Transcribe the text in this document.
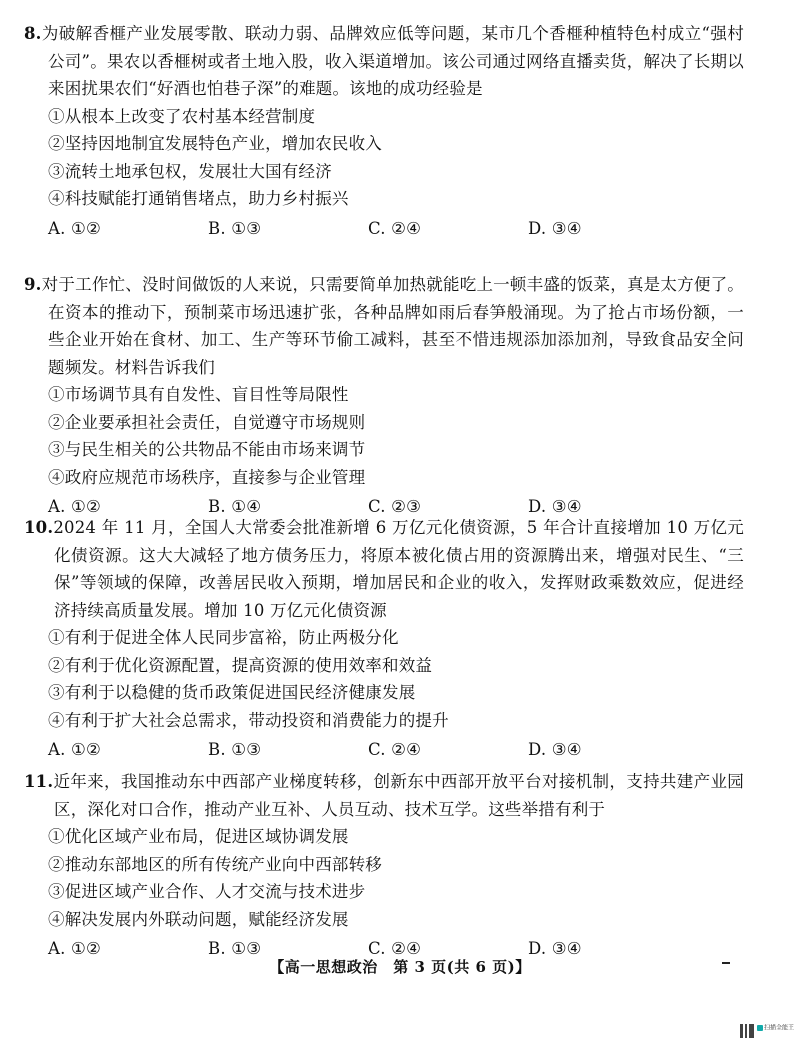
8.为破解香榧产业发展零散、联动力弱、品牌效应低等问题，某市几个香榧种植特色村成立“强村公司”。果农以香榧树或者土地入股，收入渠道增加。该公司通过网络直播卖货，解决了长期以来困扰果农们“好酒也怕巷子深”的难题。该地的成功经验是

①从根本上改变了农村基本经营制度

②坚持因地制宜发展特色产业，增加农民收入

③流转土地承包权，发展壮大国有经济

④科技赋能打通销售堵点，助力乡村振兴

A. ①②	B. ①③	C. ②④	D. ③④

9.对于工作忙、没时间做饭的人来说，只需要简单加热就能吃上一顿丰盛的饭菜，真是太方便了。在资本的推动下，预制菜市场迅速扩张，各种品牌如雨后春笋般涌现。为了抢占市场份额，一些企业开始在食材、加工、生产等环节偷工减料，甚至不惜违规添加添加剂，导致食品安全问题频发。材料告诉我们

①市场调节具有自发性、盲目性等局限性

②企业要承担社会责任，自觉遵守市场规则

③与民生相关的公共物品不能由市场来调节

④政府应规范市场秩序，直接参与企业管理

A. ①②	B. ①④	C. ②③	D. ③④

10.2024 年 11 月，全国人大常委会批准新增 6 万亿元化债资源，5 年合计直接增加 10 万亿元化债资源。这大大减轻了地方债务压力，将原本被化债占用的资源腾出来，增强对民生、“三保”等领域的保障，改善居民收入预期，增加居民和企业的收入，发挥财政乘数效应，促进经济持续高质量发展。增加 10 万亿元化债资源

①有利于促进全体人民同步富裕，防止两极分化

②有利于优化资源配置，提高资源的使用效率和效益

③有利于以稳健的货币政策促进国民经济健康发展

④有利于扩大社会总需求，带动投资和消费能力的提升

A. ①②	B. ①③	C. ②④	D. ③④

11.近年来，我国推动东中西部产业梯度转移，创新东中西部开放平台对接机制，支持共建产业园区，深化对口合作，推动产业互补、人员互动、技术互学。这些举措有利于

①优化区域产业布局，促进区域协调发展

②推动东部地区的所有传统产业向中西部转移

③促进区域产业合作、人才交流与技术进步

④解决发展内外联动问题，赋能经济发展

A. ①②	B. ①③	C. ②④	D. ③④
【高一思想政治　第 3 页(共 6 页)】
扫描全能王
